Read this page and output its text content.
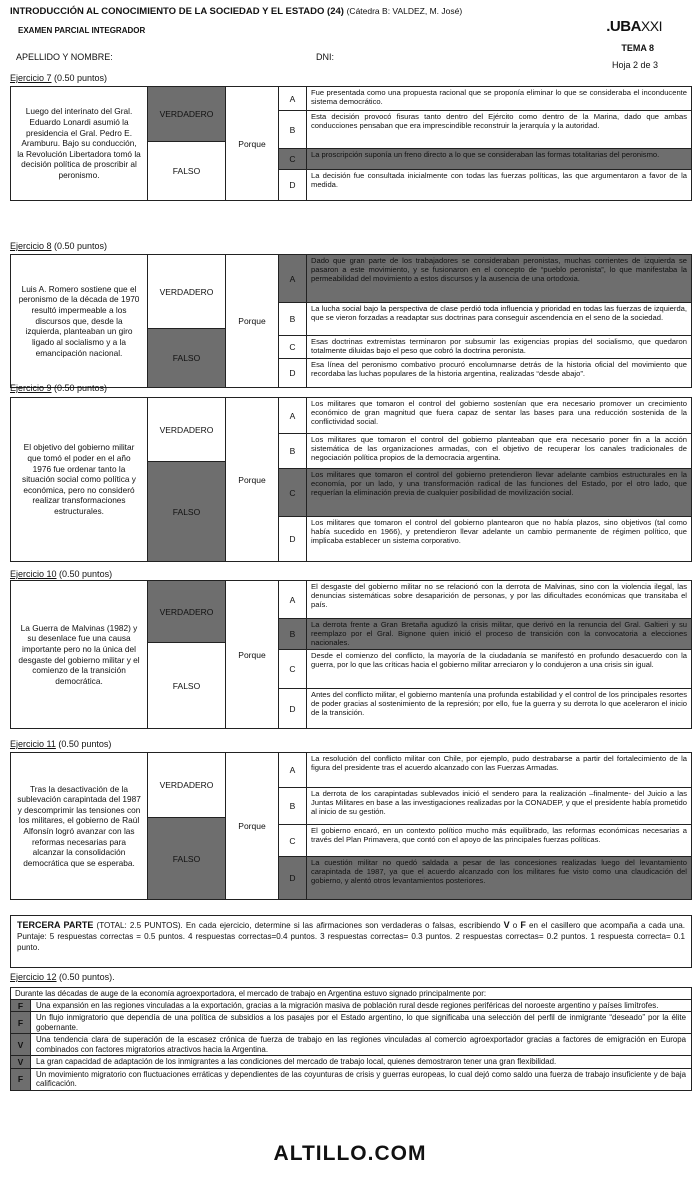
INTRODUCCIÓN AL CONOCIMIENTO DE LA SOCIEDAD Y EL ESTADO (24) (Cátedra B: VALDEZ, M. José)
EXAMEN PARCIAL INTEGRADOR	.UBAXXI
APELLIDO Y NOMBRE:	DNI:
TEMA 8
Hoja 2 de 3
Ejercicio 7 (0.50 puntos)
Luego del interinato del Gral. Eduardo Lonardi asumió la presidencia el Gral. Pedro E. Aramburu. Bajo su conducción, la Revolución Libertadora tomó la decisión política de proscribir al peronismo.
VERDADERO
FALSO
Porque
A
Fue presentada como una propuesta racional que se proponía eliminar lo que se consideraba el inconducente sistema democrático.
B
Esta decisión provocó fisuras tanto dentro del Ejército como dentro de la Marina, dado que ambas conducciones pensaban que era imprescindible reconstruir la jerarquía y la autoridad.
C	La proscripción suponía un freno directo a lo que se consideraban las formas totalitarias del peronismo.
D
La decisión fue consultada inicialmente con todas las fuerzas políticas, las que argumentaron a favor de la medida.
Ejercicio 8 (0.50 puntos)
Luis A. Romero sostiene que el peronismo de la década de 1970 resultó impermeable a los discursos que, desde la izquierda, planteaban un giro ligado al socialismo y a la emancipación nacional.
VERDADERO
FALSO
Porque
A
Dado que gran parte de los trabajadores se consideraban peronistas, muchas corrientes de izquierda se pasaron a este movimiento, y se fusionaron en el concepto de “pueblo peronista”, lo que manifestaba la permeabilidad del movimiento a estos discursos y la ausencia de una ortodoxia.
B
La lucha social bajo la perspectiva de clase perdió toda influencia y prioridad en todas las fuerzas de izquierda, que se vieron forzadas a readaptar sus doctrinas para conseguir ascendencia en el seno de la sociedad.
C
Esas doctrinas extremistas terminaron por subsumir las exigencias propias del socialismo, que quedaron totalmente diluidas bajo el peso que cobró la doctrina peronista.
D
Esa línea del peronismo combativo procuró encolumnarse detrás de la historia oficial del movimiento que recordaba las luchas populares de la historia argentina, realizadas “desde abajo”.
Ejercicio 9 (0.50 puntos)
El objetivo del gobierno militar que tomó el poder en el año 1976 fue ordenar tanto la situación social como política y económica, pero no consideró realizar transformaciones estructurales.
VERDADERO
FALSO
Porque
A
Los militares que tomaron el control del gobierno sostenían que era necesario promover un crecimiento económico de gran magnitud que fuera capaz de sentar las bases para una reducción sostenida de la conflictividad social.
B
Los militares que tomaron el control del gobierno planteaban que era necesario poner fin a la acción sistemática de las organizaciones armadas, con el objetivo de recuperar los canales tradicionales de negociación política propios de la democracia argentina.
C
Los militares que tomaron el control del gobierno pretendieron llevar adelante cambios estructurales en la economía, por un lado, y una transformación radical de las funciones del Estado, por el otro lado, que requerían la eliminación previa de cualquier posibilidad de movilización social.
D
Los militares que tomaron el control del gobierno plantearon que no había plazos, sino objetivos (tal como había sucedido en 1966), y pretendieron llevar adelante un cambio permanente de régimen político, que implicaba establecer un sistema corporativo.
Ejercicio 10 (0.50 puntos)
La Guerra de Malvinas (1982) y su desenlace fue una causa importante pero no la única del desgaste del gobierno militar y el comienzo de la transición democrática.
VERDADERO
FALSO
Porque
A
El desgaste del gobierno militar no se relacionó con la derrota de Malvinas, sino con la violencia ilegal, las denuncias sistemáticas sobre desaparición de personas, y por las dificultades económicas que transitaba el país.
B
La derrota frente a Gran Bretaña agudizó la crisis militar, que derivó en la renuncia del Gral. Galtieri y su reemplazo por el Gral. Bignone quien inició el proceso de transición con la convocatoria a elecciones nacionales.
C
Desde el comienzo del conflicto, la mayoría de la ciudadanía se manifestó en profundo desacuerdo con la guerra, por lo que las críticas hacia el gobierno militar arreciaron y lo condujeron a una crisis sin igual.
D
Antes del conflicto militar, el gobierno mantenía una profunda estabilidad y el control de los principales resortes de poder gracias al sostenimiento de la represión; por ello, fue la guerra y su derrota lo que aceleraron el inicio de la transición.
Ejercicio 11 (0.50 puntos)
Tras la desactivación de la sublevación carapintada del 1987 y descomprimir las tensiones con los militares, el gobierno de Raúl Alfonsín logró avanzar con las reformas necesarias para alcanzar la consolidación democrática que se esperaba.
VERDADERO
FALSO
Porque
A
La resolución del conflicto militar con Chile, por ejemplo, pudo destrabarse a partir del fortalecimiento de la figura del presidente tras el acuerdo alcanzado con las Fuerzas Armadas.
B
La derrota de los carapintadas sublevados inició el sendero para la realización –finalmente- del Juicio a las Juntas Militares en base a las investigaciones realizadas por la CONADEP, y que el presidente había prometido al inicio de su gestión.
C
El gobierno encaró, en un contexto político mucho más equilibrado, las reformas económicas necesarias a través del Plan Primavera, que contó con el apoyo de las principales fuerzas políticas.
D
La cuestión militar no quedó saldada a pesar de las concesiones realizadas luego del levantamiento carapintada de 1987, ya que el acuerdo alcanzado con los militares fue visto como una claudicación del gobierno, y alentó otros levantamientos posteriores.
TERCERA PARTE (TOTAL: 2.5 PUNTOS). En cada ejercicio, determine si las afirmaciones son verdaderas o falsas, escribiendo V o F en el casillero que acompaña a cada una. Puntaje: 5 respuestas correctas = 0.5 puntos. 4 respuestas correctas=0.4 puntos. 3 respuestas correctas= 0.3 puntos. 2 respuestas correctas= 0.2 puntos. 1 respuesta correcta= 0.1 punto.
Ejercicio 12 (0.50 puntos).
Durante las décadas de auge de la economía agroexportadora, el mercado de trabajo en Argentina estuvo signado principalmente por:
F	Una expansión en las regiones vinculadas a la exportación, gracias a la migración masiva de población rural desde regiones periféricas del noroeste argentino y países limítrofes.
F	Un flujo inmigratorio que dependía de una política de subsidios a los pasajes por el Estado argentino, lo que significaba una selección del perfil de inmigrante “deseado” por la élite gobernante.
V	Una tendencia clara de superación de la escasez crónica de fuerza de trabajo en las regiones vinculadas al comercio agroexportador gracias a factores de emigración en Europa combinados con factores migratorios atractivos hacia la Argentina.
V	La gran capacidad de adaptación de los inmigrantes a las condiciones del mercado de trabajo local, quienes demostraron tener una gran flexibilidad.
F	Un movimiento migratorio con fluctuaciones erráticas y dependientes de las coyunturas de crisis y guerras europeas, lo cual dejó como saldo una fuerza de trabajo insuficiente y de baja calificación.
ALTILLO.COM
